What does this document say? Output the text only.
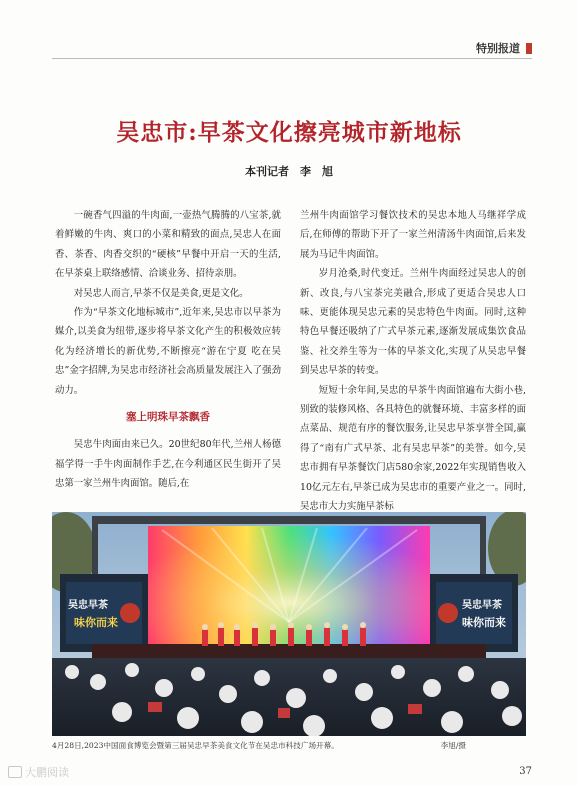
特别报道
吴忠市:早茶文化擦亮城市新地标
本刊记者　李　旭

一碗香气四溢的牛肉面,一壶热气腾腾的八宝茶,就着鲜嫩的牛肉、爽口的小菜和精致的面点,吴忠人在面香、茶香、肉香交织的“硬核”早餐中开启一天的生活,在早茶桌上联络感情、洽谈业务、招待亲朋。

对吴忠人而言,早茶不仅是美食,更是文化。

作为“早茶文化地标城市”,近年来,吴忠市以早茶为媒介,以美食为纽带,逐步将早茶文化产生的积极效应转化为经济增长的新优势,不断擦亮“游在宁夏 吃在吴忠”金字招牌,为吴忠市经济社会高质量发展注入了强劲动力。

塞上明珠早茶飘香

吴忠牛肉面由来已久。20世纪80年代,兰州人杨德福学得一手牛肉面制作手艺,在今利通区民生街开了吴忠第一家兰州牛肉面馆。随后,在

兰州牛肉面馆学习餐饮技术的吴忠本地人马继祥学成后,在师傅的帮助下开了一家兰州清汤牛肉面馆,后来发展为马记牛肉面馆。

岁月沧桑,时代变迁。兰州牛肉面经过吴忠人的创新、改良,与八宝茶完美融合,形成了更适合吴忠人口味、更能体现吴忠元素的吴忠特色牛肉面。同时,这种特色早餐还吸纳了广式早茶元素,逐渐发展成集饮食品鉴、社交养生等为一体的早茶文化,实现了从吴忠早餐到吴忠早茶的转变。

短短十余年间,吴忠的早茶牛肉面馆遍布大街小巷,别致的装修风格、各具特色的就餐环境、丰富多样的面点菜品、规范有序的餐饮服务,让吴忠早茶享誉全国,赢得了“南有广式早茶、北有吴忠早茶”的美誉。如今,吴忠市拥有早茶餐饮门店580余家,2022年实现销售收入10亿元左右,早茶已成为吴忠市的重要产业之一。同时,吴忠市大力实施早茶标

吴忠早茶
味你而来
吴忠早茶
味你而来
4月28日,2023中国面食博览会暨第三届吴忠早茶美食文化节在吴忠市科技广场开幕。	李旭/摄
37
大鹏阅读
